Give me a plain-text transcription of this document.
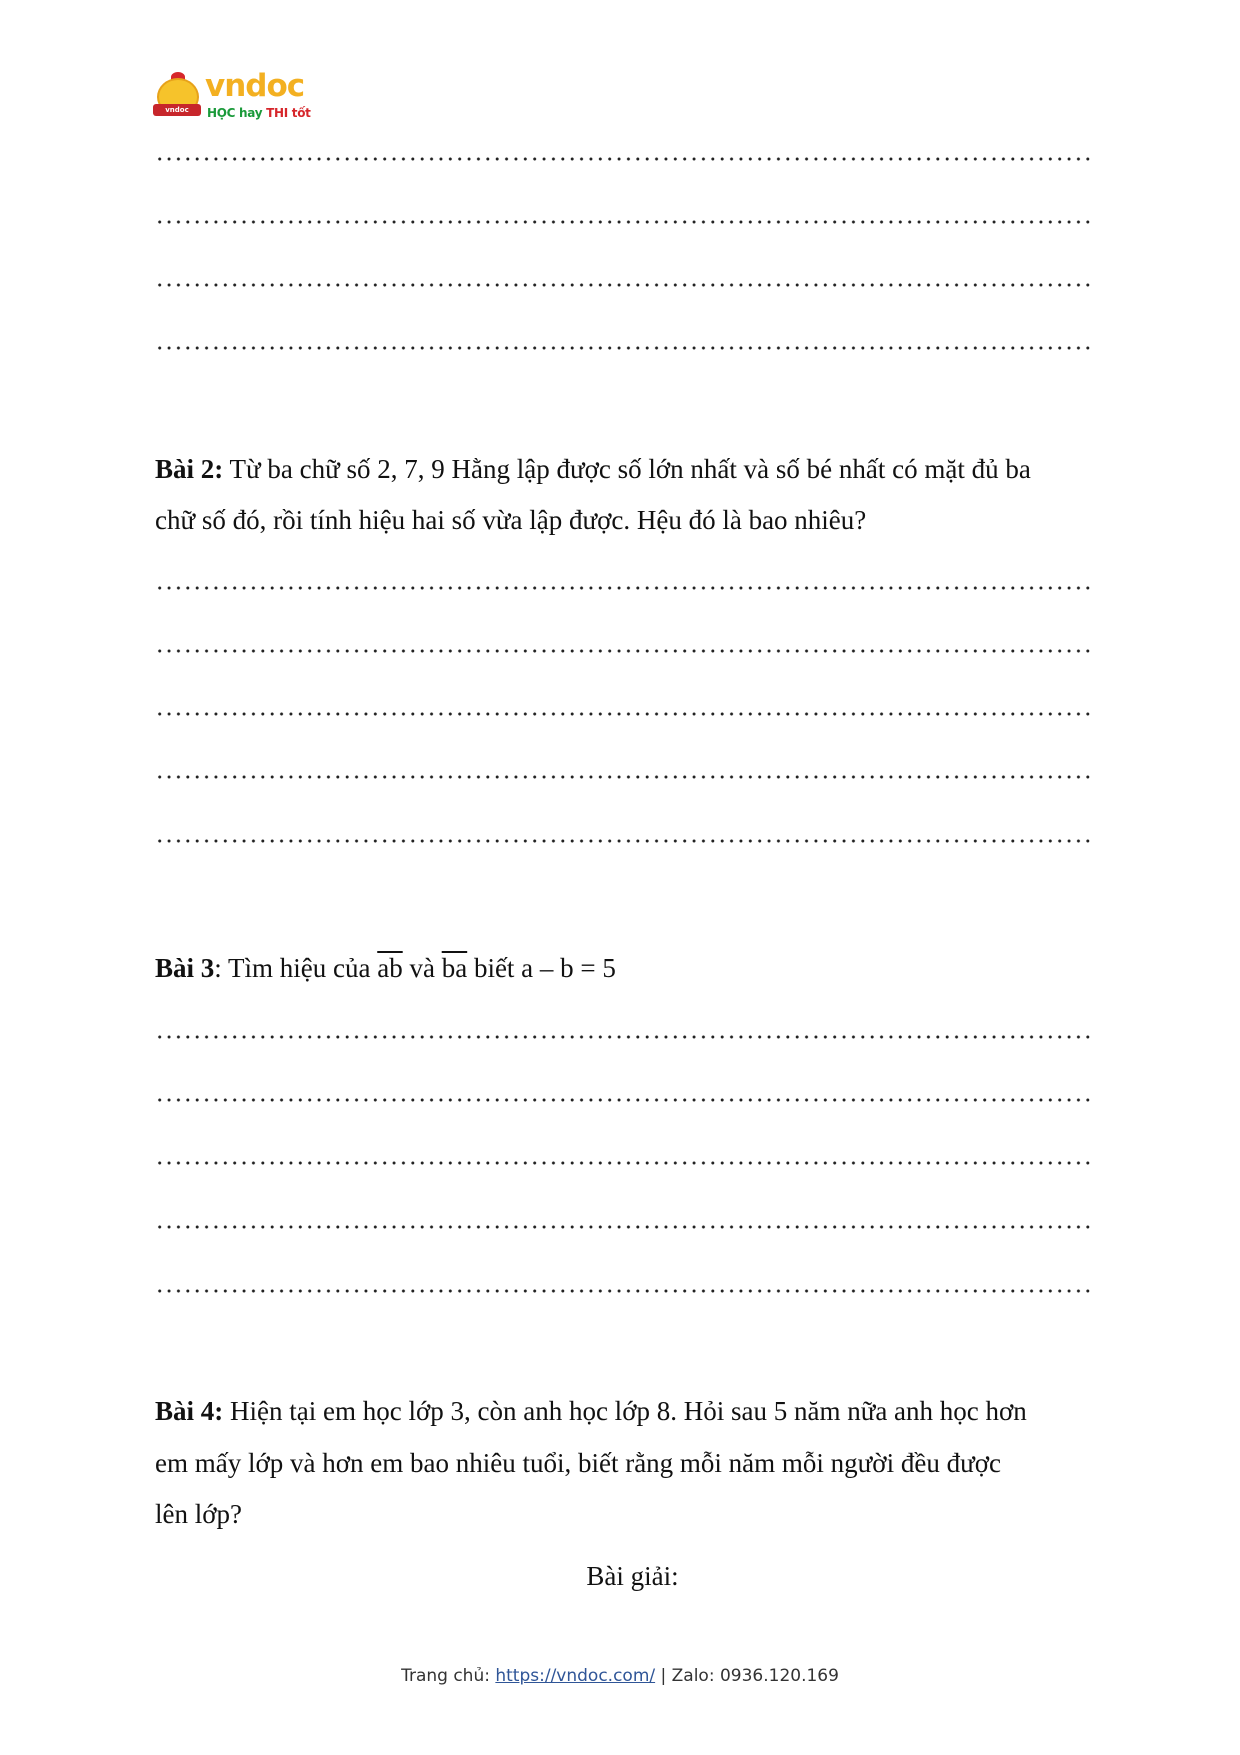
vndoc
vndoc
HỌC hay THI tốt
Bài 2: Từ ba chữ số 2, 7, 9 Hằng lập được số lớn nhất và số bé nhất có mặt đủ ba
chữ số đó, rồi tính hiệu hai số vừa lập được. Hệu đó là bao nhiêu?
Bài 3: Tìm hiệu của $\overline{ab}$ và $\overline{ba}$ biết a – b = 5
Bài 4: Hiện tại em học lớp 3, còn anh học lớp 8. Hỏi sau 5 năm nữa anh học hơn
em mấy lớp và hơn em bao nhiêu tuổi, biết rằng mỗi năm mỗi người đều được
lên lớp?
Bài giải:
Trang chủ: https://vndoc.com/ | Zalo: 0936.120.169
